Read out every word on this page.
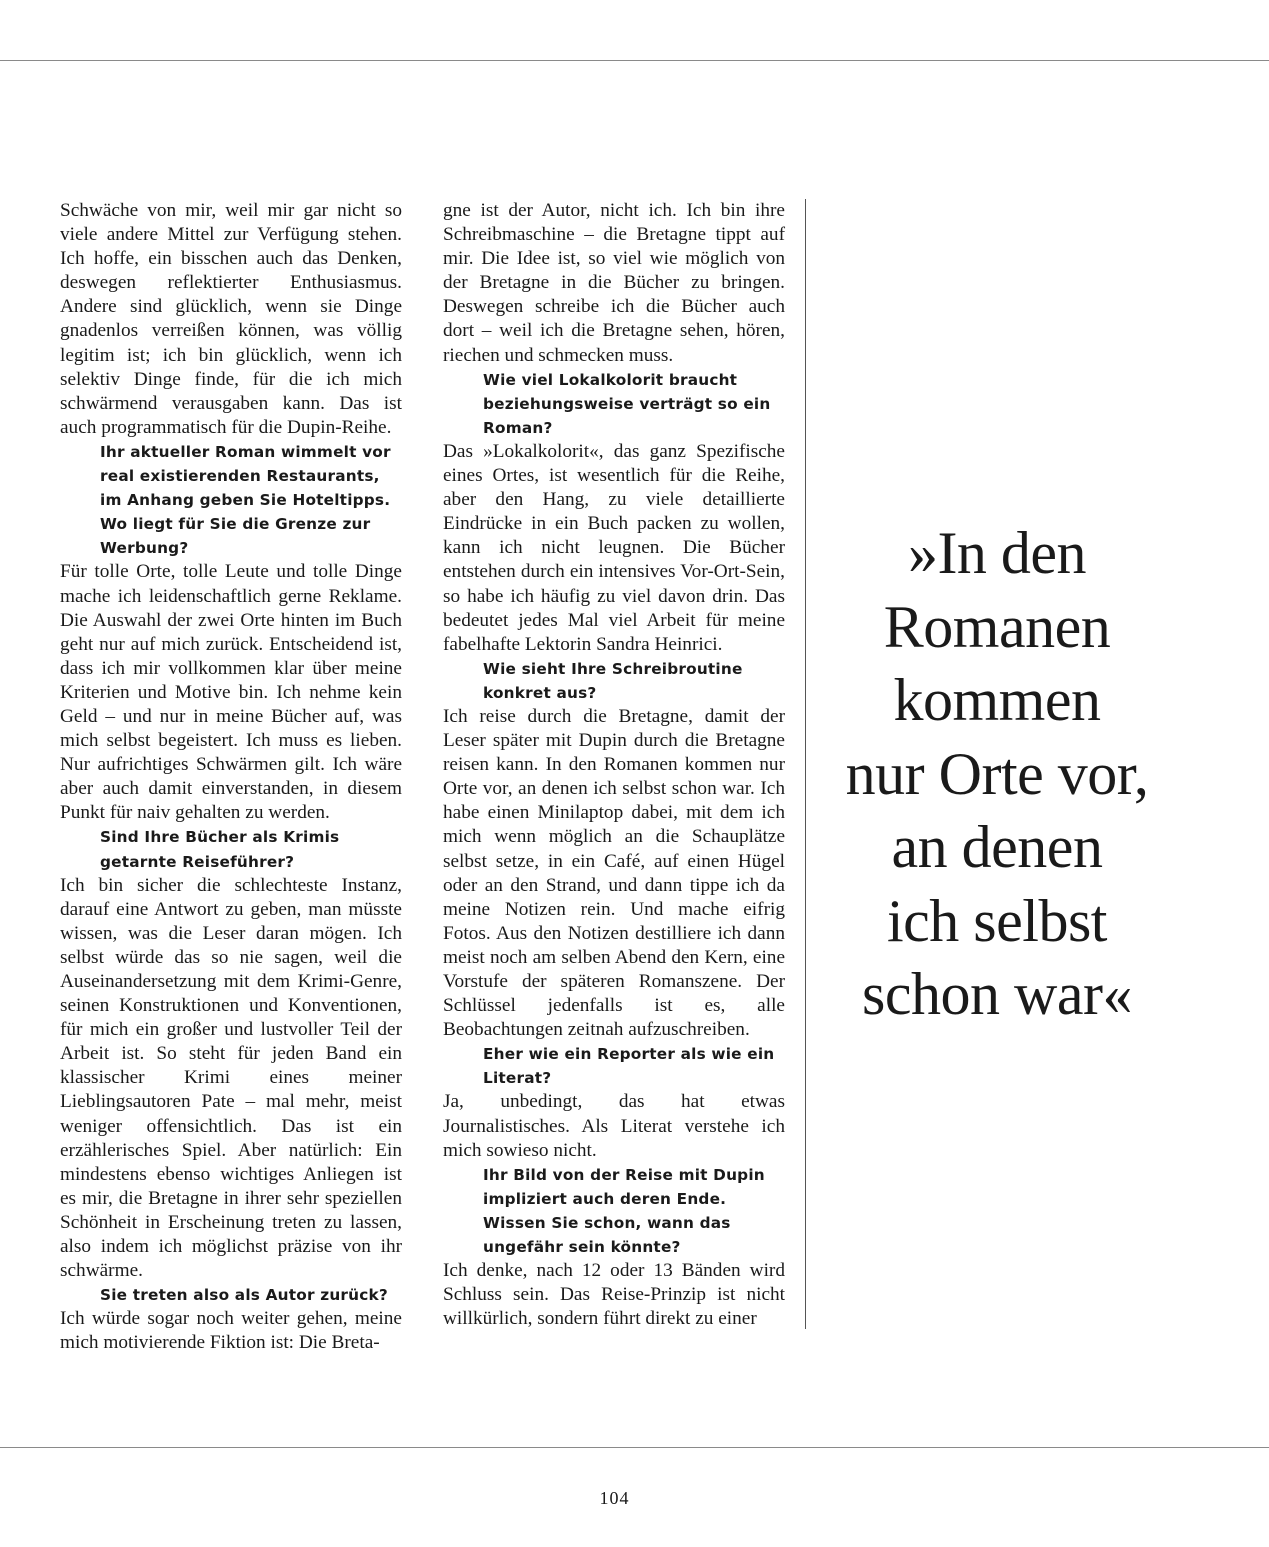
Schwäche von mir, weil mir gar nicht so viele andere Mittel zur Verfügung stehen. Ich hoffe, ein bisschen auch das Denken, deswegen reflektierter Enthusiasmus. Andere sind glücklich, wenn sie Dinge gnadenlos verreißen können, was völlig legitim ist; ich bin glücklich, wenn ich selektiv Dinge finde, für die ich mich schwärmend verausgaben kann. Das ist auch programmatisch für die Dupin-Reihe.

Ihr aktueller Roman wimmelt vor real existierenden Restaurants, im Anhang geben Sie Hoteltipps. Wo liegt für Sie die Grenze zur Werbung?

Für tolle Orte, tolle Leute und tolle Dinge mache ich leidenschaftlich gerne Reklame. Die Auswahl der zwei Orte hinten im Buch geht nur auf mich zurück. Entscheidend ist, dass ich mir vollkommen klar über meine Kriterien und Motive bin. Ich nehme kein Geld – und nur in meine Bücher auf, was mich selbst begeistert. Ich muss es lieben. Nur aufrichtiges Schwärmen gilt. Ich wäre aber auch damit einverstanden, in diesem Punkt für naiv gehalten zu werden.

Sind Ihre Bücher als Krimis getarnte Reiseführer?

Ich bin sicher die schlechteste Instanz, darauf eine Antwort zu geben, man müsste wissen, was die Leser daran mögen. Ich selbst würde das so nie sagen, weil die Auseinandersetzung mit dem Krimi-Genre, seinen Konstruktionen und Konventionen, für mich ein großer und lustvoller Teil der Arbeit ist. So steht für jeden Band ein klassischer Krimi eines meiner Lieblingsautoren Pate – mal mehr, meist weniger offensichtlich. Das ist ein erzählerisches Spiel. Aber natürlich: Ein mindestens ebenso wichtiges Anliegen ist es mir, die Bretagne in ihrer sehr speziellen Schönheit in Erscheinung treten zu lassen, also indem ich möglichst präzise von ihr schwärme.

Sie treten also als Autor zurück?

Ich würde sogar noch weiter gehen, meine mich motivierende Fiktion ist: Die Breta-

gne ist der Autor, nicht ich. Ich bin ihre Schreibmaschine – die Bretagne tippt auf mir. Die Idee ist, so viel wie möglich von der Bretagne in die Bücher zu bringen. Deswegen schreibe ich die Bücher auch dort – weil ich die Bretagne sehen, hören, riechen und schmecken muss.

Wie viel Lokalkolorit braucht beziehungsweise verträgt so ein Roman?

Das »Lokalkolorit«, das ganz Spezifische eines Ortes, ist wesentlich für die Reihe, aber den Hang, zu viele detaillierte Eindrücke in ein Buch packen zu wollen, kann ich nicht leugnen. Die Bücher entstehen durch ein intensives Vor-Ort-Sein, so habe ich häufig zu viel davon drin. Das bedeutet jedes Mal viel Arbeit für meine fabelhafte Lektorin Sandra Heinrici.

Wie sieht Ihre Schreibroutine konkret aus?

Ich reise durch die Bretagne, damit der Leser später mit Dupin durch die Bretagne reisen kann. In den Romanen kommen nur Orte vor, an denen ich selbst schon war. Ich habe einen Minilaptop dabei, mit dem ich mich wenn möglich an die Schauplätze selbst setze, in ein Café, auf einen Hügel oder an den Strand, und dann tippe ich da meine Notizen rein. Und mache eifrig Fotos. Aus den Notizen destilliere ich dann meist noch am selben Abend den Kern, eine Vorstufe der späteren Romanszene. Der Schlüssel jedenfalls ist es, alle Beobachtungen zeitnah aufzuschreiben.

Eher wie ein Reporter als wie ein Literat?

Ja, unbedingt, das hat etwas Journalistisches. Als Literat verstehe ich mich sowieso nicht.

Ihr Bild von der Reise mit Dupin impliziert auch deren Ende. Wissen Sie schon, wann das ungefähr sein könnte?

Ich denke, nach 12 oder 13 Bänden wird Schluss sein. Das Reise-Prinzip ist nicht willkürlich, sondern führt direkt zu einer

»In den
Romanen
kommen
nur Orte vor,
an denen
ich selbst
schon war«
104
